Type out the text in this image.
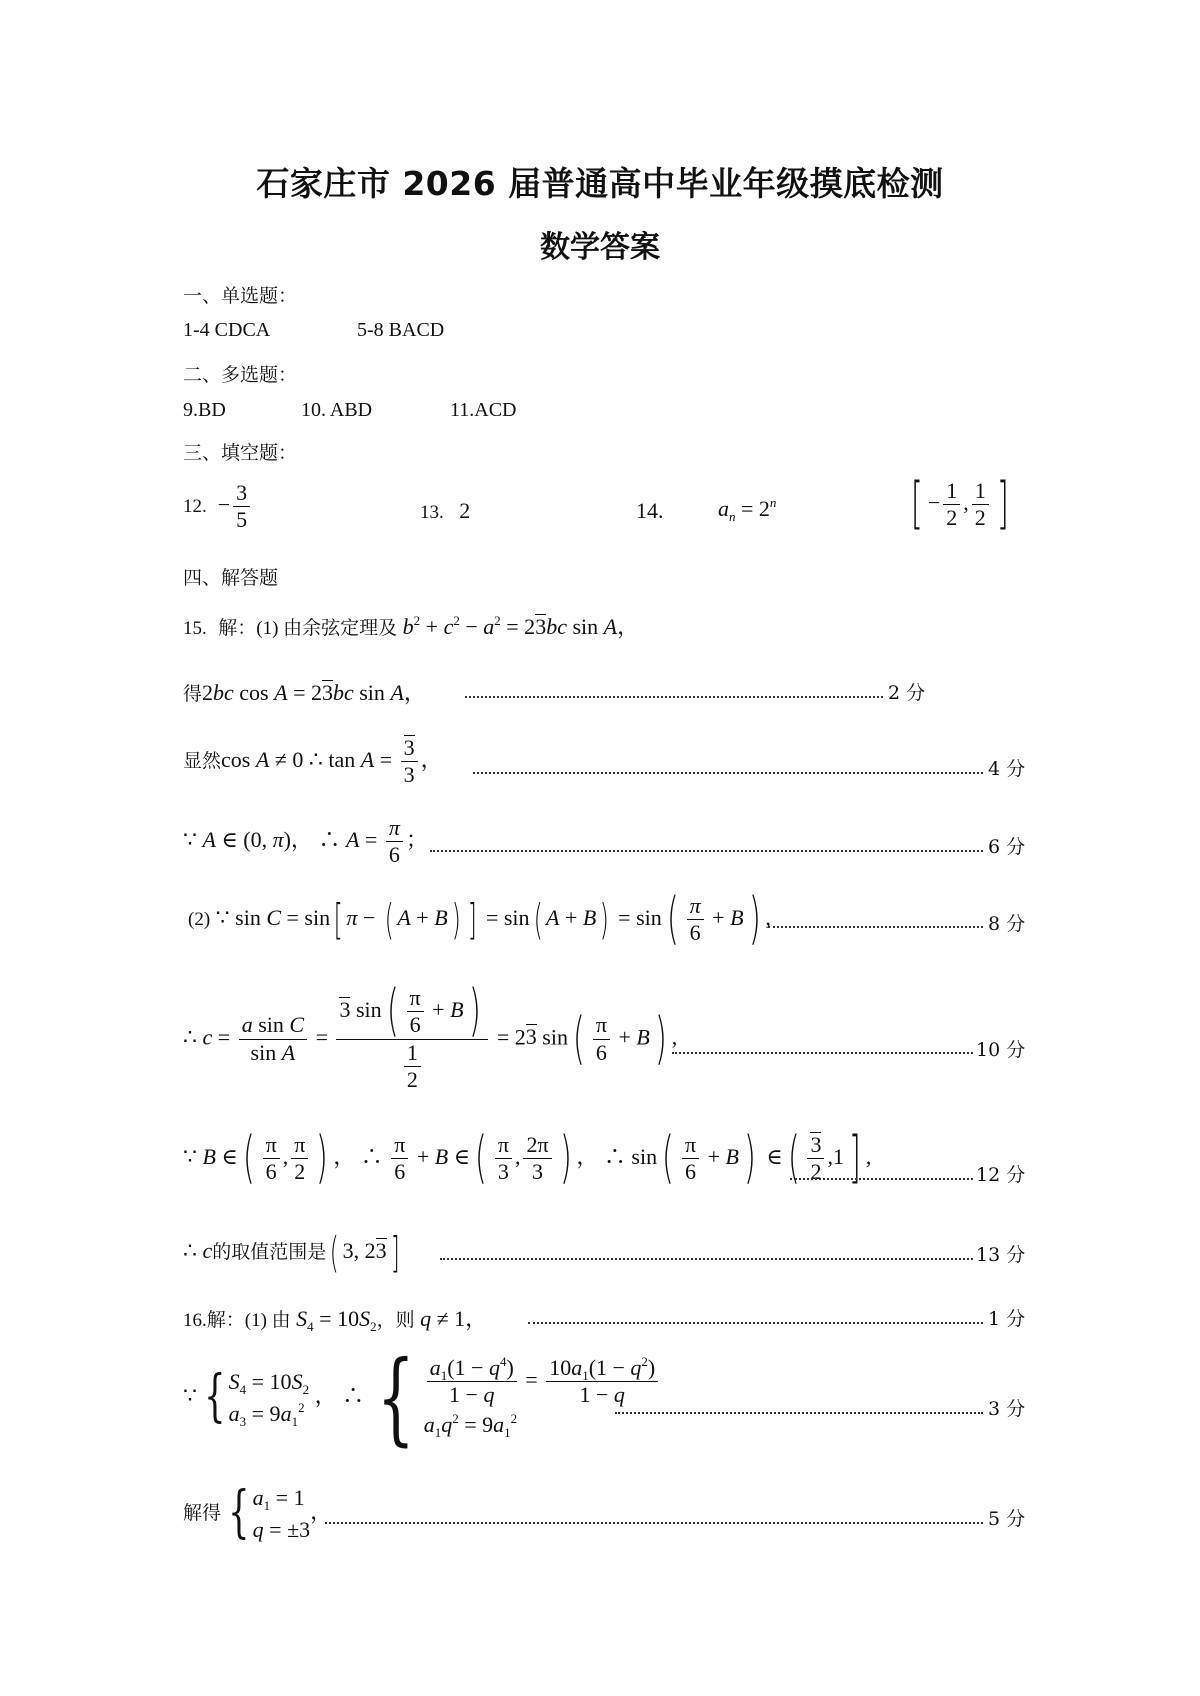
石家庄市 2026 届普通高中毕业年级摸底检测
数学答案
一、单选题：
1-4 CDCA	5-8 BACD
二、多选题：
9.BD	10. ABD	11.ACD
三、填空题：
12.  − $\frac{3}{5}$	13. 2	14. $a_n = 2^n$ [ − $\frac{1}{2}$ , $\frac{1}{2}$ ]
四、解答题
15. 解：(1) 由余弦定理及 $b^2 + c^2 - a^2 = 23bc$ sin A，
得2bc cos A = 23bc sin A，	2 分
显然cos A ≠ 0 ∴ $\tan A = \frac{3}{3}$ ，	4 分
∵ A ∈ (0, π)， ∴ $A = \frac{\pi}{6}$ ；	6 分
(2) ∵ sin C = sin[ π − ( A + B) ] = sin( $A + B) = \sin( \frac{\pi}{6} + B)$ ,	8 分
∴ $c = \frac{\text{a sin C}}{\text{sin A}} = \frac{3 \sin( \frac{\pi}{6} + B)}{\frac{1}{2}} = 23$ $\sin( \frac{\pi}{6} + B)$ ,
10 分
∵ B ∈( $\frac{\pi}{6}$ , $\frac{\pi}{2}$ ) ， ∴ $\frac{\pi}{6} + B$ ∈( $\frac{\pi}{3}$ , $\frac{2\pi}{3}$ ) ， ∴ $\sin( \frac{\pi}{6} + B)$ ∈( $\frac{3}{2} ,1$] ,
12 分
∴ c的取值范围是( 3, 23]	13 分
16.解：(1) 由 $S_4 = 10S_2$，则 q ≠ 1，	1 分
∵ { $S_4 = 10S_2$
$a_3 = 9a_1^2$ ， ∴ { $\frac{a_1(1 - q^4)}{1 - q} = \frac{10a_1(1 - q^2)}{1 - q}$

$a_1q^2 = 9a_1^2$	3 分
解得 { $a_1 = 1$
q = ±3，	5 分
